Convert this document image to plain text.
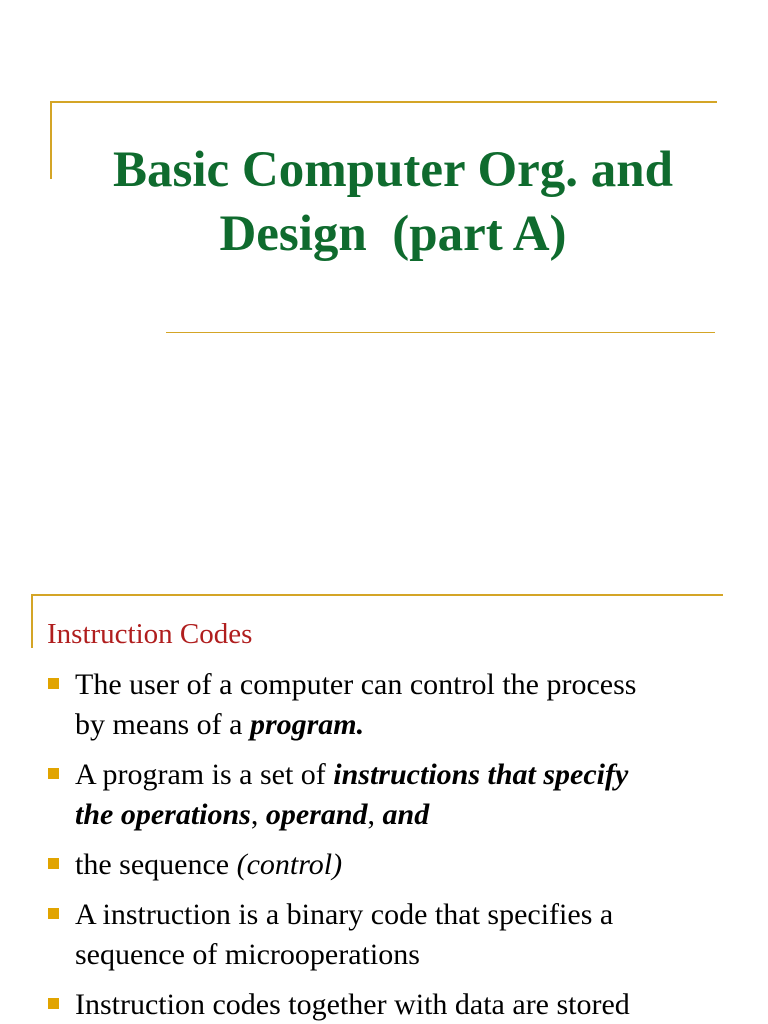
Basic Computer Org. and
Design  (part A)
Instruction Codes
The user of a computer can control the process
by means of a program.
A program is a set of instructions that specify
the operations, operand, and
the sequence (control)
A instruction is a binary code that specifies a
sequence of microoperations
Instruction codes together with data are stored
